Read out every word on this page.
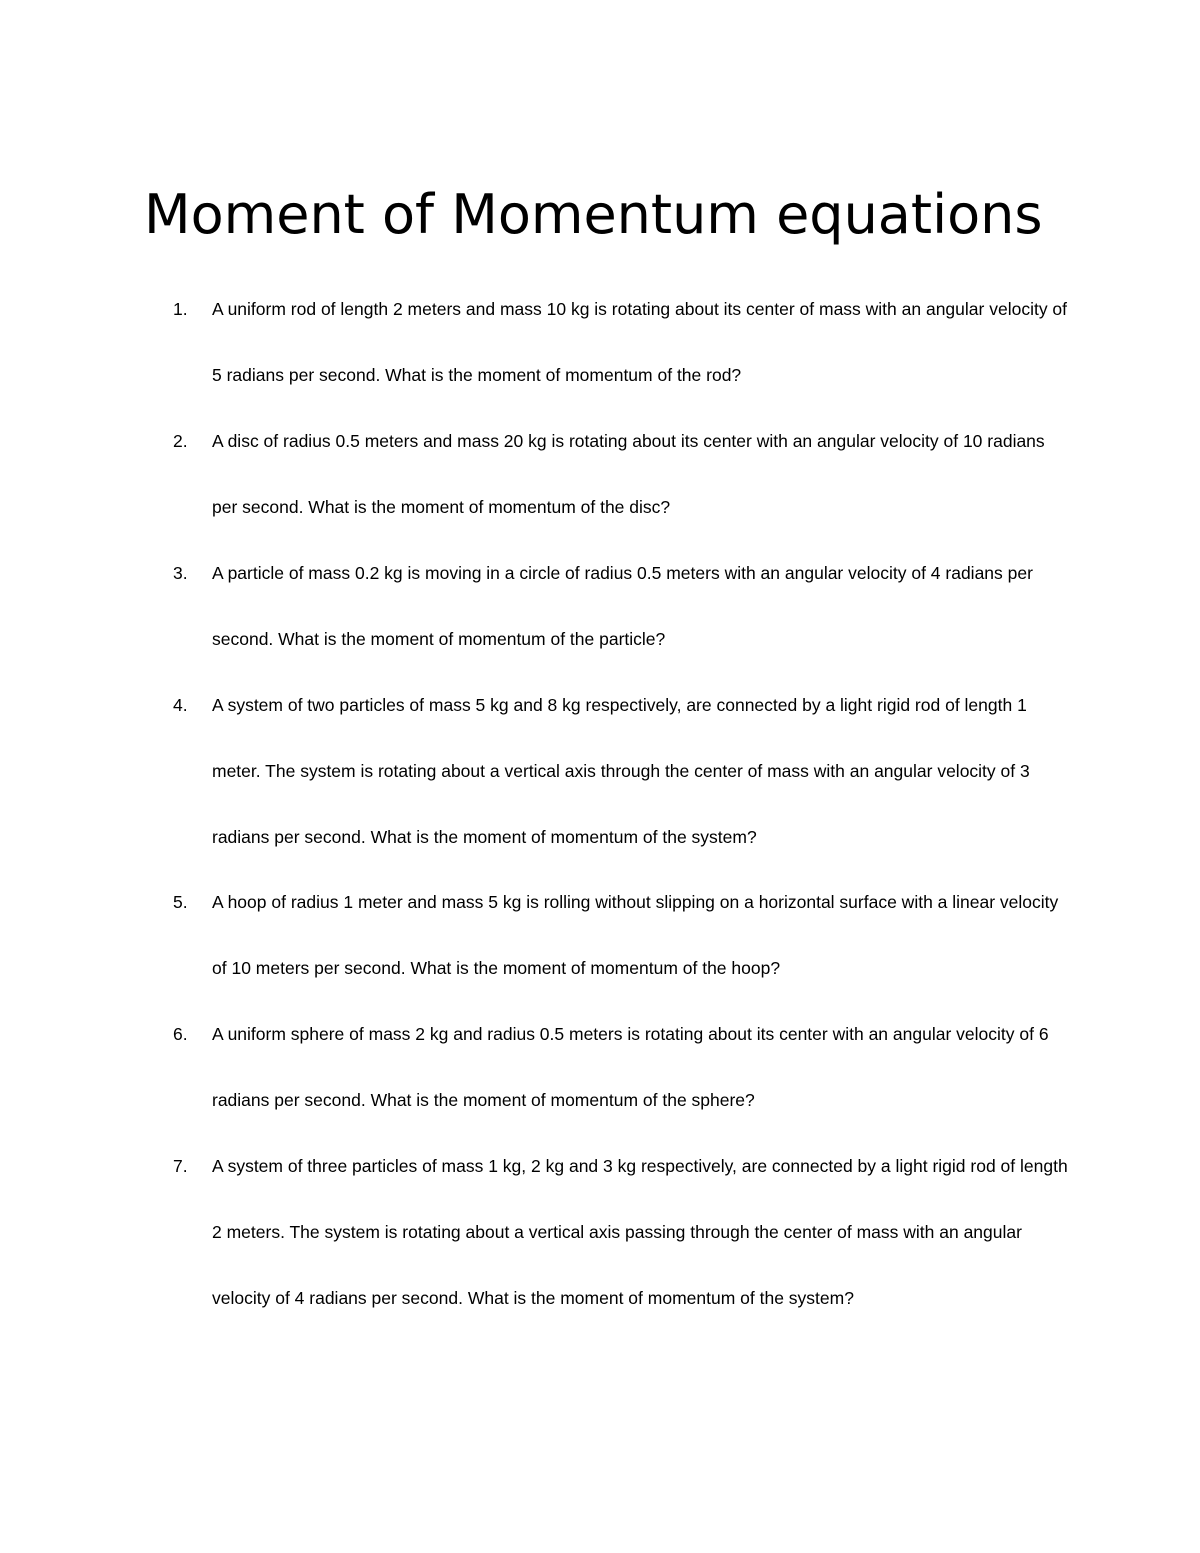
Moment of Momentum equations
1. A uniform rod of length 2 meters and mass 10 kg is rotating about its center of mass with an angular velocity of 5 radians per second. What is the moment of momentum of the rod?
2. A disc of radius 0.5 meters and mass 20 kg is rotating about its center with an angular velocity of 10 radians per second. What is the moment of momentum of the disc?
3. A particle of mass 0.2 kg is moving in a circle of radius 0.5 meters with an angular velocity of 4 radians per second. What is the moment of momentum of the particle?
4. A system of two particles of mass 5 kg and 8 kg respectively, are connected by a light rigid rod of length 1 meter. The system is rotating about a vertical axis through the center of mass with an angular velocity of 3 radians per second. What is the moment of momentum of the system?
5. A hoop of radius 1 meter and mass 5 kg is rolling without slipping on a horizontal surface with a linear velocity of 10 meters per second. What is the moment of momentum of the hoop?
6. A uniform sphere of mass 2 kg and radius 0.5 meters is rotating about its center with an angular velocity of 6 radians per second. What is the moment of momentum of the sphere?
7. A system of three particles of mass 1 kg, 2 kg and 3 kg respectively, are connected by a light rigid rod of length 2 meters. The system is rotating about a vertical axis passing through the center of mass with an angular velocity of 4 radians per second. What is the moment of momentum of the system?
